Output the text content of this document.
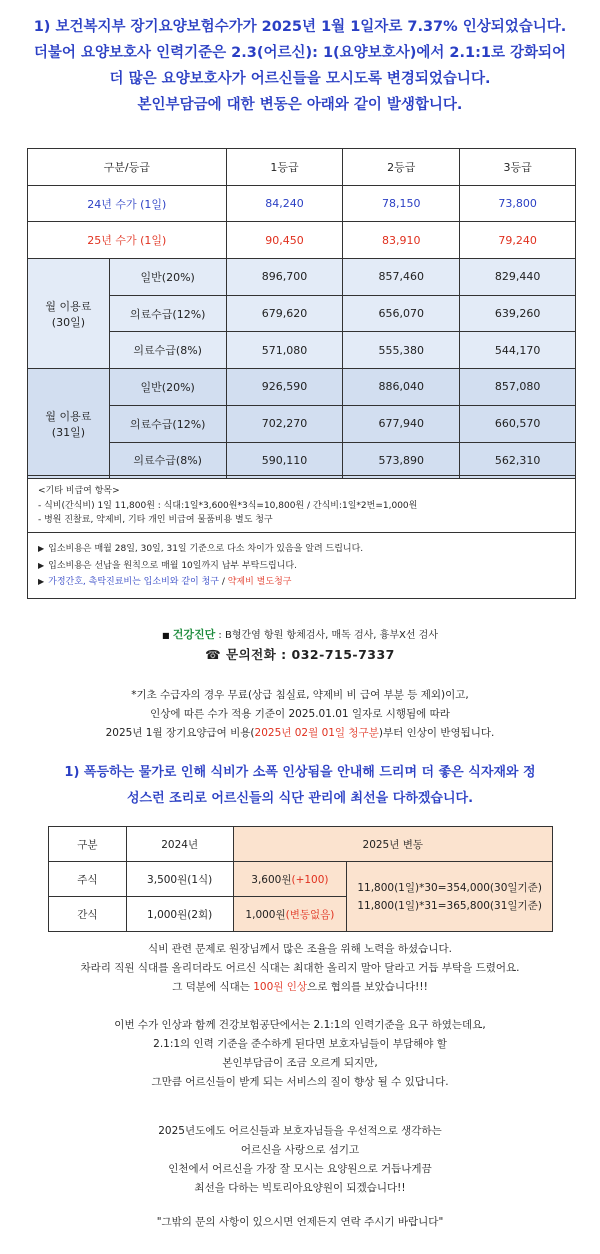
1) 보건복지부 장기요양보험수가가 2025년 1월 1일자로 7.37% 인상되었습니다.
더불어 요양보호사 인력기준은 2.3(어르신): 1(요양보호사)에서 2.1:1로 강화되어
더 많은 요양보호사가 어르신들을 모시도록 변경되었습니다.
본인부담금에 대한 변동은 아래와 같이 발생합니다.
구분/등급		1등급	2등급	3등급
24년 수가 (1일)		84,240	78,150	73,800
25년 수가 (1일)		90,450	83,910	79,240

월 이용료
(30일)	일반(20%)	896,700	857,460	829,440
	의료수급(12%)	679,620	656,070	639,260
	의료수급(8%)	571,080	555,380	544,170

월 이용료
(31일)	일반(20%)	926,590	886,040	857,080
	의료수급(12%)	702,270	677,940	660,570
	의료수급(8%)	590,110	573,890	562,310
<기타 비급여 항목>
- 식비(간식비) 1일 11,800원 : 식대:1일*3,600원*3식=10,800원 / 간식비:1일*2번=1,000원
- 병원 진찰료, 약제비, 기타 개인 비급여 물품비용 별도 청구
▶ 입소비용은 매월 28일, 30일, 31일 기준으로 다소 차이가 있음을 알려 드립니다.
▶ 입소비용은 선납을 원칙으로 매월 10일까지 납부 부탁드립니다.
▶ 가정간호, 촉탁진료비는 입소비와 같이 청구 / 약제비 별도청구
■ 건강진단 : B형간염 항원 항체검사, 매독 검사, 흉부X선 검사
☎ 문의전화 : 032-715-7337
*기초 수급자의 경우 무료(상급 침실료, 약제비 비 급여 부분 등 제외)이고,
인상에 따른 수가 적용 기준이 2025.01.01 일자로 시행됨에 따라
2025년 1월 장기요양급여 비용(2025년 02월 01일 청구분)부터 인상이 반영됩니다.
1) 폭등하는 물가로 인해 식비가 소폭 인상됨을 안내해 드리며 더 좋은 식자재와 정
성스런 조리로 어르신들의 식단 관리에 최선을 다하겠습니다.
구분	2024년	2025년 변동	
주식	3,500원(1식)	3,600원(+100)	11,800(1일)*30=354,000(30일기준)
11,800(1일)*31=365,800(31일기준)

간식	1,000원(2회)	1,000원(변동없음)	
식비 관련 문제로 원장님께서 많은 조율을 위해 노력을 하셨습니다.
차라리 직원 식대를 올리더라도 어르신 식대는 최대한 올리지 말아 달라고 거듭 부탁을 드렸어요.
그 덕분에 식대는 100원 인상으로 협의를 보았습니다!!!
이번 수가 인상과 함께 건강보험공단에서는 2.1:1의 인력기준을 요구 하였는데요,
2.1:1의 인력 기준을 준수하게 된다면 보호자님들이 부담해야 할
본인부담금이 조금 오르게 되지만,
그만큼 어르신들이 받게 되는 서비스의 질이 향상 될 수 있답니다.
2025년도에도 어르신들과 보호자님들을 우선적으로 생각하는
어르신을 사랑으로 섬기고
인천에서 어르신을 가장 잘 모시는 요양원으로 거듭나게끔
최선을 다하는 빅토리아요양원이 되겠습니다!!
"그밖의 문의 사항이 있으시면 언제든지 연락 주시기 바랍니다"
